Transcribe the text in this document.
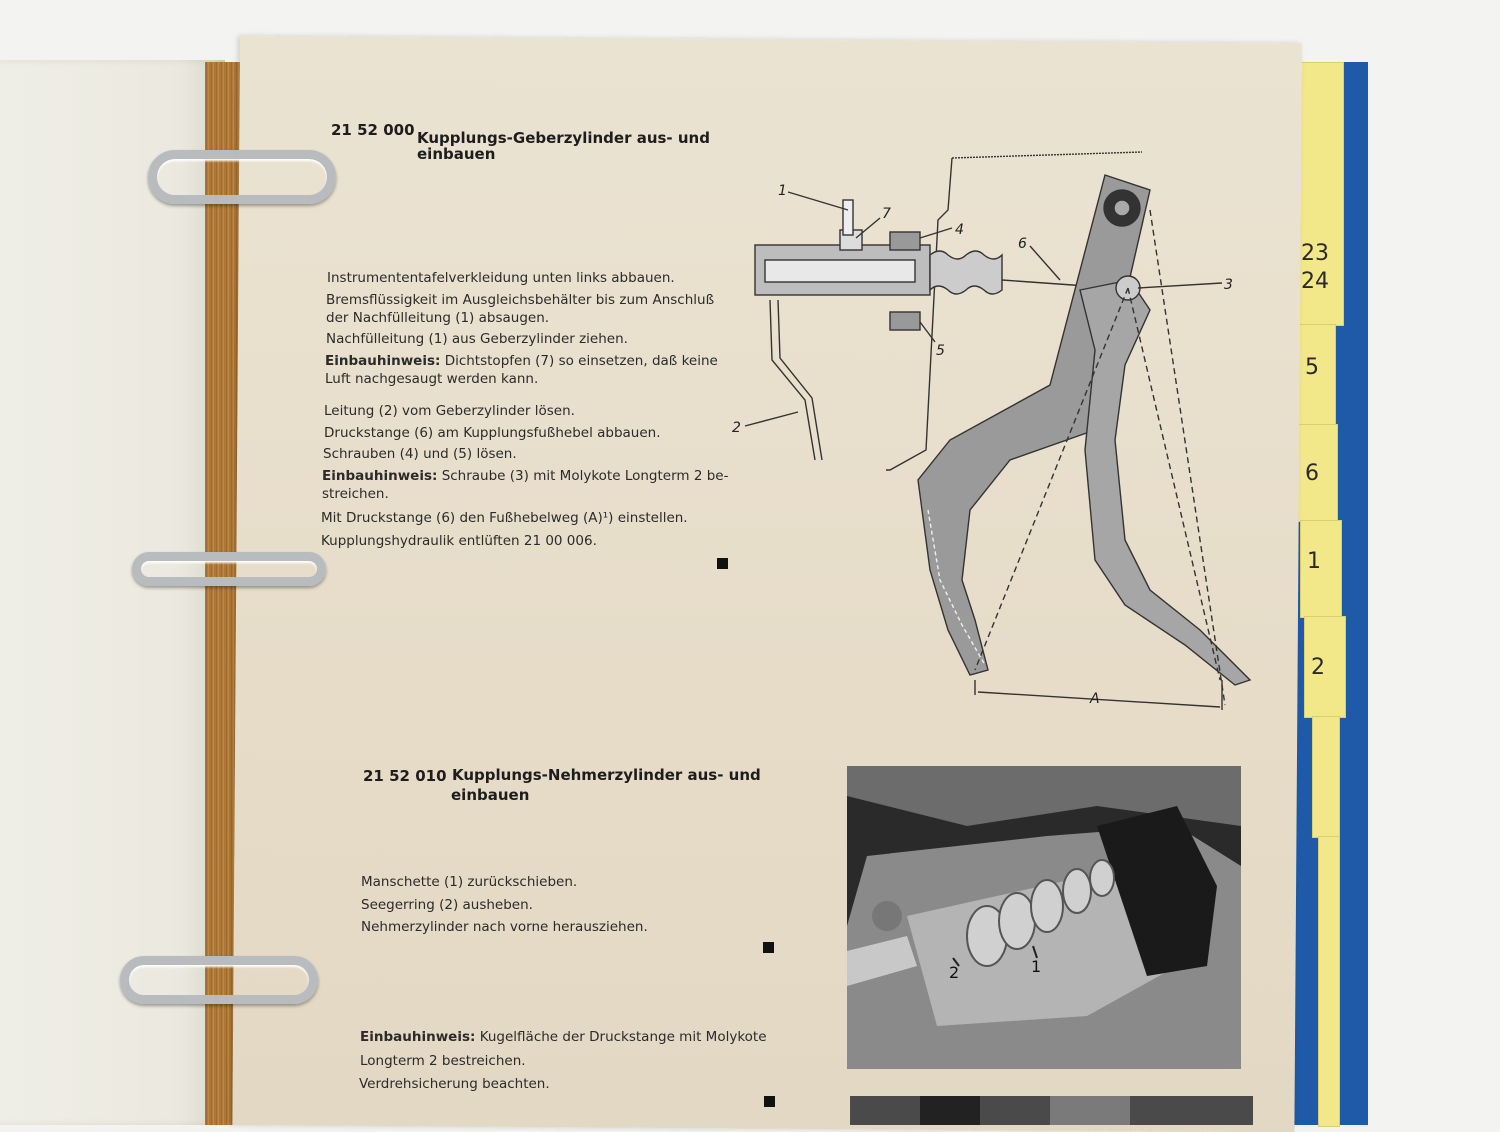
23
24
5
6
1
2
21 52 000 Kupplungs-Geberzylinder aus- und
einbauen
Instrumententafelverkleidung unten links abbauen.
Bremsflüssigkeit im Ausgleichsbehälter bis zum Anschluß
der Nachfülleitung (1) absaugen.
Nachfülleitung (1) aus Geberzylinder ziehen.
Einbauhinweis: Dichtstopfen (7) so einsetzen, daß keine
Luft nachgesaugt werden kann.
Leitung (2) vom Geberzylinder lösen.
Druckstange (6) am Kupplungsfußhebel abbauen.
Schrauben (4) und (5) lösen.
Einbauhinweis: Schraube (3) mit Molykote Longterm 2 be-
streichen.
Mit Druckstange (6) den Fußhebelweg (A)¹) einstellen.
Kupplungshydraulik entlüften 21 00 006.
1
7
4
6
3
5
2
A
21 52 010 Kupplungs-Nehmerzylinder aus- und
einbauen
Manschette (1) zurückschieben.
Seegerring (2) ausheben.
Nehmerzylinder nach vorne herausziehen.
Einbauhinweis: Kugelfläche der Druckstange mit Molykote
Longterm 2 bestreichen.
Verdrehsicherung beachten.
2	1
